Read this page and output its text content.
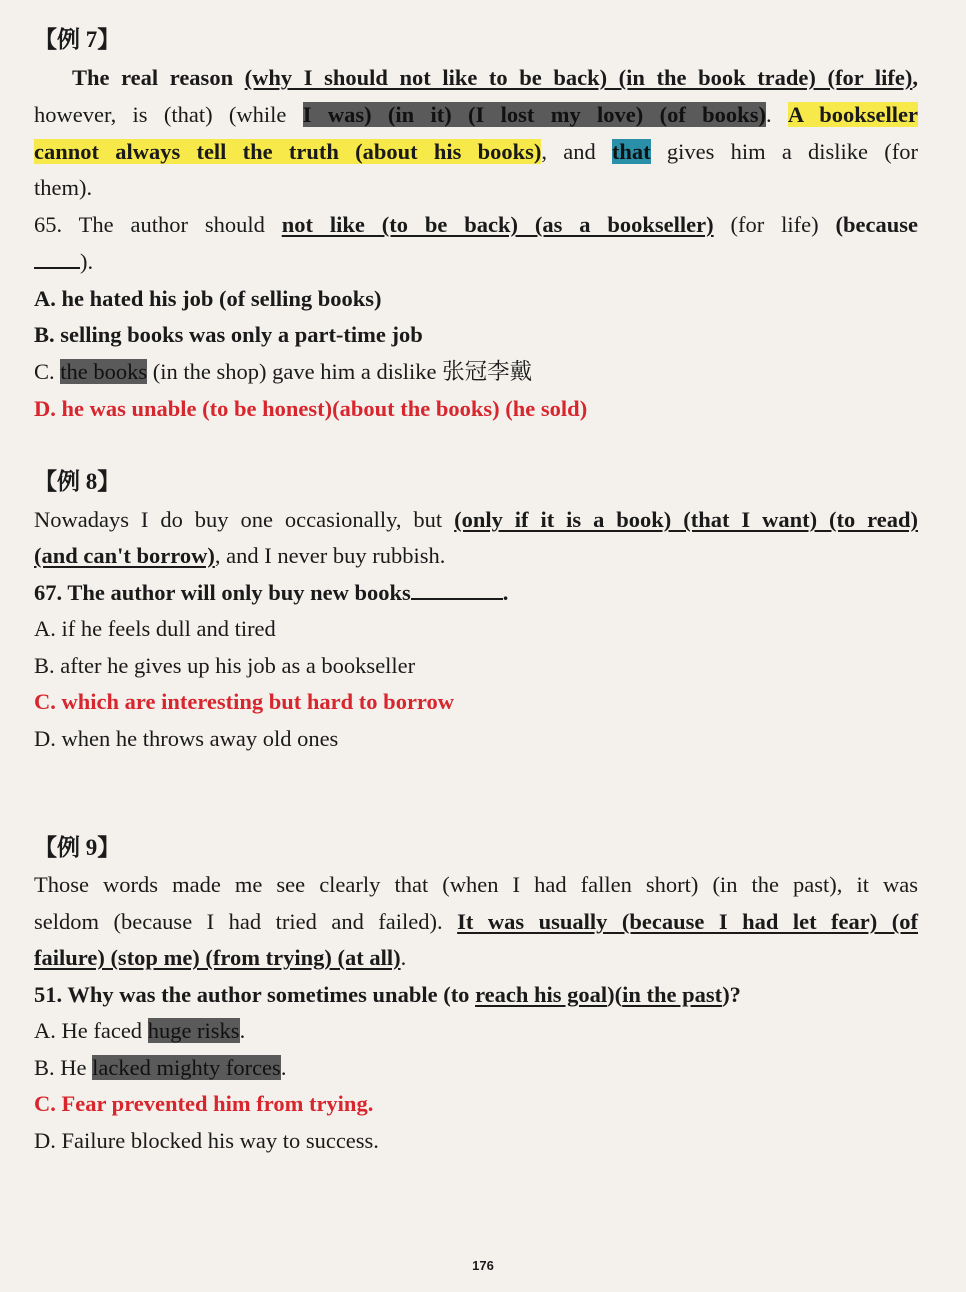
【例 7】
The real reason (why I should not like to be back) (in the book trade) (for life),
however, is (that) (while I was) (in it) (I lost my love) (of books). A bookseller
cannot always tell the truth (about his books), and that gives him a dislike (for
them).
65. The author should not like (to be back) (as a bookseller) (for life) (because
).
A. he hated his job (of selling books)
B. selling books was only a part-time job
C. the books (in the shop) gave him a dislike 张冠李戴
D. he was unable (to be honest)(about the books) (he sold)
【例 8】
Nowadays I do buy one occasionally, but (only if it is a book) (that I want) (to read)
(and can't borrow), and I never buy rubbish.
67. The author will only buy new books	.
A. if he feels dull and tired
B. after he gives up his job as a bookseller
C. which are interesting but hard to borrow
D. when he throws away old ones
【例 9】
Those words made me see clearly that (when I had fallen short) (in the past), it was
seldom (because I had tried and failed). It was usually (because I had let fear) (of
failure) (stop me) (from trying) (at all).
51. Why was the author sometimes unable (to reach his goal)(in the past)?
A. He faced huge risks.
B. He lacked mighty forces.
C. Fear prevented him from trying.
D. Failure blocked his way to success.
176
